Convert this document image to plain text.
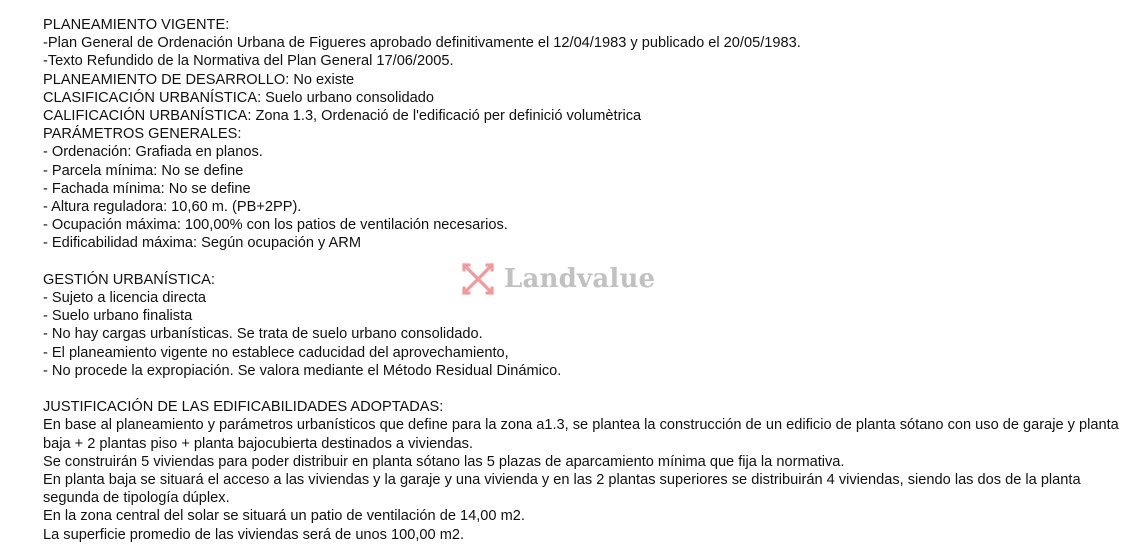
PLANEAMIENTO VIGENTE:
-Plan General de Ordenación Urbana de Figueres aprobado definitivamente el 12/04/1983 y publicado el 20/05/1983.
-Texto Refundido de la Normativa del Plan General 17/06/2005.
PLANEAMIENTO DE DESARROLLO: No existe
CLASIFICACIÓN URBANÍSTICA: Suelo urbano consolidado
CALIFICACIÓN URBANÍSTICA: Zona 1.3, Ordenació de l'edificació per definició volumètrica
PARÁMETROS GENERALES:
- Ordenación: Grafiada en planos.
- Parcela mínima: No se define
- Fachada mínima: No se define
- Altura reguladora: 10,60 m. (PB+2PP).
- Ocupación máxima: 100,00% con los patios de ventilación necesarios.
- Edificabilidad máxima: Según ocupación y ARM
GESTIÓN URBANÍSTICA:
- Sujeto a licencia directa
- Suelo urbano finalista
- No hay cargas urbanísticas. Se trata de suelo urbano consolidado.
- El planeamiento vigente no establece caducidad del aprovechamiento,
- No procede la expropiación. Se valora mediante el Método Residual Dinámico.
JUSTIFICACIÓN DE LAS EDIFICABILIDADES ADOPTADAS:
En base al planeamiento y parámetros urbanísticos que define para la zona a1.3, se plantea la construcción de un edificio de planta sótano con uso de garaje y planta baja + 2 plantas piso + planta bajocubierta destinados a viviendas.
Se construirán 5 viviendas para poder distribuir en planta sótano las 5 plazas de aparcamiento mínima que fija la normativa.
En planta baja se situará el acceso a las viviendas y la garaje y una vivienda y en las 2 plantas superiores se distribuirán 4 viviendas, siendo las dos de la planta segunda de tipología dúplex.
En la zona central del solar se situará un patio de ventilación de 14,00 m2.
La superficie promedio de las viviendas será de unos 100,00 m2.
Landvalue
